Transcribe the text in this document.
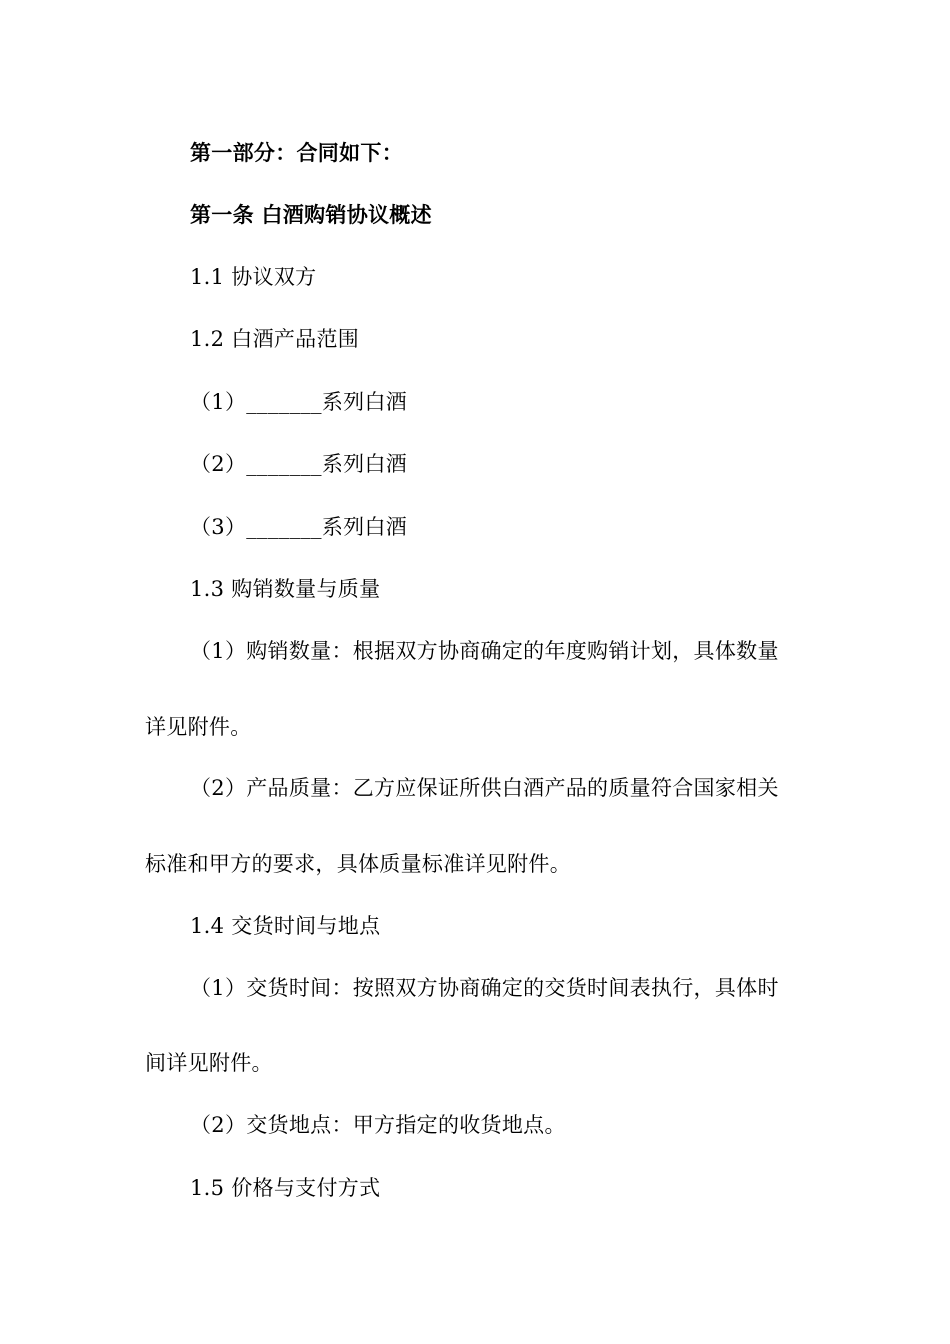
第一部分：合同如下：
第一条 白酒购销协议概述
1.1 协议双方
1.2 白酒产品范围
（1）_______系列白酒
（2）_______系列白酒
（3）_______系列白酒
1.3 购销数量与质量
（1）购销数量：根据双方协商确定的年度购销计划，具体数量
详见附件。
（2）产品质量：乙方应保证所供白酒产品的质量符合国家相关
标准和甲方的要求，具体质量标准详见附件。
1.4 交货时间与地点
（1）交货时间：按照双方协商确定的交货时间表执行，具体时
间详见附件。
（2）交货地点：甲方指定的收货地点。
1.5 价格与支付方式
